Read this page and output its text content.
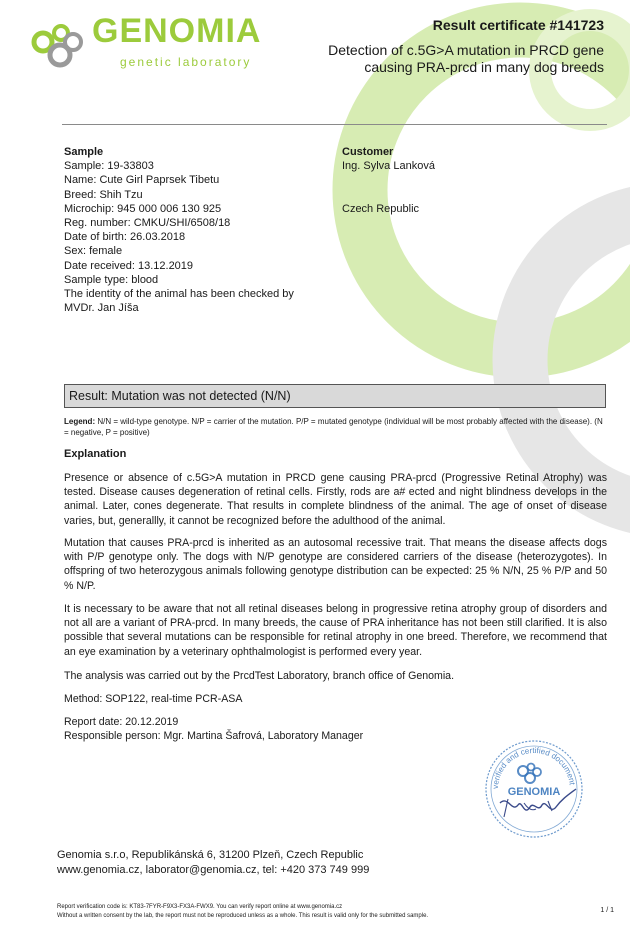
GENOMIA
genetic laboratory
Result certificate #141723
Detection of c.5G>A mutation in PRCD gene causing PRA-prcd in many dog breeds
Sample
Sample: 19-33803
Name: Cute Girl Paprsek Tibetu
Breed: Shih Tzu
Microchip: 945 000 006 130 925
Reg. number: CMKU/SHI/6508/18
Date of birth: 26.03.2018
Sex: female
Date received: 13.12.2019
Sample type: blood
The identity of the animal has been checked by
MVDr. Jan Jíša
Customer
Ing. Sylva Lanková
Czech Republic
Result: Mutation was not detected (N/N)
Legend: N/N = wild-type genotype. N/P = carrier of the mutation. P/P = mutated genotype (individual will be most probably affected with the disease). (N = negative, P = positive)
Explanation
Presence or absence of c.5G>A mutation in PRCD gene causing PRA-prcd (Progressive Retinal Atrophy) was tested. Disease causes degeneration of retinal cells. Firstly, rods are a# ected and night blindness develops in the animal. Later, cones degenerate. That results in complete blindness of the animal. The age of onset of disease varies, but, generallly, it cannot be recognized before the adulthood of the animal.
Mutation that causes PRA-prcd is inherited as an autosomal recessive trait. That means the disease affects dogs with P/P genotype only. The dogs with N/P genotype are considered carriers of the disease (heterozygotes). In offspring of two heterozygous animals following genotype distribution can be expected: 25 % N/N, 25 % P/P and 50 % N/P.
It is necessary to be aware that not all retinal diseases belong in progressive retina atrophy group of disorders and not all are a variant of PRA-prcd. In many breeds, the cause of PRA inheritance has not been still clarified. It is also possible that several mutations can be responsible for retinal atrophy in one breed. Therefore, we recommend that an eye examination by a veterinary ophthalmologist is performed every year.
The analysis was carried out by the PrcdTest Laboratory, branch office of Genomia.
Method: SOP122, real-time PCR-ASA
Report date: 20.12.2019
Responsible person: Mgr. Martina Šafrová, Laboratory Manager
verified and certified document
GENOMIA
Genomia s.r.o, Republikánská 6, 31200 Plzeň, Czech Republic
www.genomia.cz, laborator@genomia.cz, tel: +420 373 749 999
Report verification code is: KT83-7FYR-F9X3-FX3A-FWX9. You can verify report online at www.genomia.cz
Without a written consent by the lab, the report must not be reproduced unless as a whole. This result is valid only for the submitted sample.
1 / 1
